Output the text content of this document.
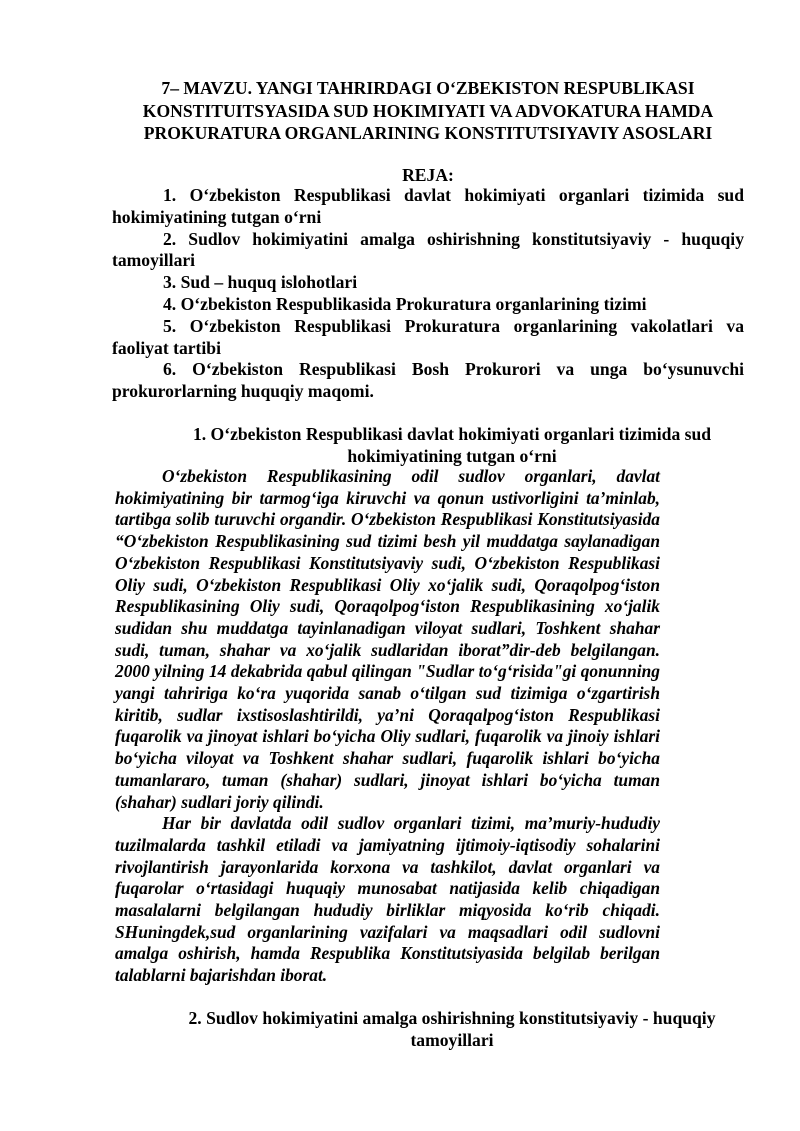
7– MAVZU. YANGI TAHRIRDAGI O‘ZBEKISTON RESPUBLIKASI KONSTITUITSYASIDA SUD HOKIMIYATI VA ADVOKATURA HAMDA PROKURATURA ORGANLARINING KONSTITUTSIYAVIY ASOSLARI
REJA:

1. O‘zbekiston Respublikasi davlat hokimiyati organlari tizimida sud hokimiyatining tutgan o‘rni

2. Sudlov hokimiyatini amalga oshirishning konstitutsiyaviy - huquqiy tamoyillari

3. Sud – huquq islohotlari

4. O‘zbekiston Respublikasida Prokuratura organlarining tizimi

5. O‘zbekiston Respublikasi Prokuratura organlarining vakolatlari va faoliyat tartibi

6. O‘zbekiston Respublikasi Bosh Prokurori va unga bo‘ysunuvchi prokurorlarning huquqiy maqomi.

1. O‘zbekiston Respublikasi davlat hokimiyati organlari tizimida sud hokimiyatining tutgan o‘rni

O‘zbekiston Respublikasining odil sudlov organlari, davlat hokimiyatining bir tarmog‘iga kiruvchi va qonun ustivorligini ta’minlab, tartibga solib turuvchi organdir. O‘zbekiston Respublikasi Konstitutsiyasida “O‘zbekiston Respublikasining sud tizimi besh yil muddatga saylanadigan O‘zbekiston Respublikasi Konstitutsiyaviy sudi, O‘zbekiston Respublikasi Oliy sudi, O‘zbekiston Respublikasi Oliy xo‘jalik sudi, Qoraqolpog‘iston Respublikasining Oliy sudi, Qoraqolpog‘iston Respublikasining xo‘jalik sudidan shu muddatga tayinlanadigan viloyat sudlari, Toshkent shahar sudi, tuman, shahar va xo‘jalik sudlaridan iborat”dir-deb belgilangan. 2000 yilning 14 dekabrida qabul qilingan "Sudlar to‘g‘risida"gi qonunning yangi tahririga ko‘ra yuqorida sanab o‘tilgan sud tizimiga o‘zgartirish kiritib, sudlar ixstisoslashtirildi, ya’ni Qoraqalpog‘iston Respublikasi fuqarolik va jinoyat ishlari bo‘yicha Oliy sudlari, fuqarolik va jinoiy ishlari bo‘yicha viloyat va Toshkent shahar sudlari, fuqarolik ishlari bo‘yicha tumanlararo, tuman (shahar) sudlari, jinoyat ishlari bo‘yicha tuman (shahar) sudlari joriy qilindi.

Har bir davlatda odil sudlov organlari tizimi, ma’muriy-hududiy tuzilmalarda tashkil etiladi va jamiyatning ijtimoiy-iqtisodiy sohalarini rivojlantirish jarayonlarida korxona va tashkilot, davlat organlari va fuqarolar o‘rtasidagi huquqiy munosabat natijasida kelib chiqadigan masalalarni belgilangan hududiy birliklar miqyosida ko‘rib chiqadi. SHuningdek,sud organlarining vazifalari va maqsadlari odil sudlovni amalga oshirish, hamda Respublika Konstitutsiyasida belgilab berilgan talablarni bajarishdan iborat.

2. Sudlov hokimiyatini amalga oshirishning konstitutsiyaviy - huquqiy tamoyillari
